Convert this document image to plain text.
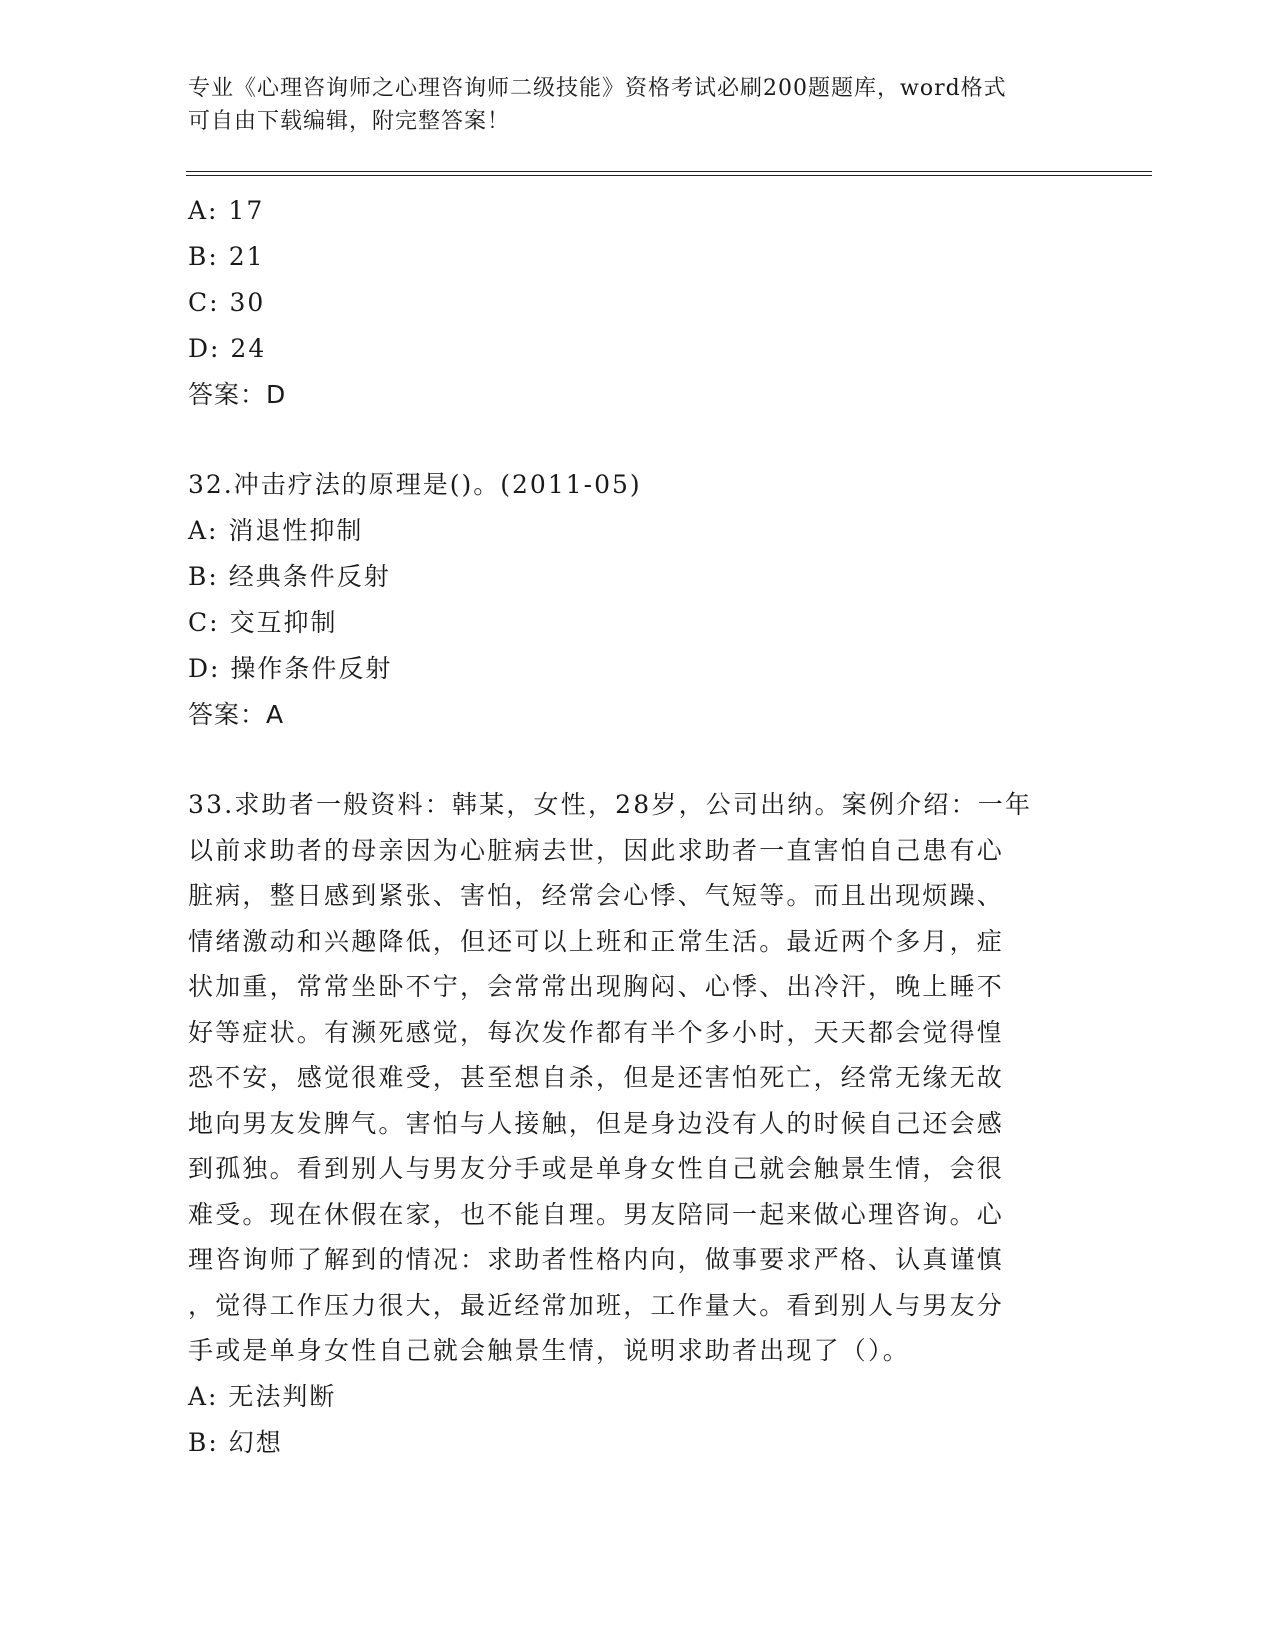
专业《心理咨询师之心理咨询师二级技能》资格考试必刷200题题库，word格式
可自由下载编辑，附完整答案！
A: 17
B: 21
C: 30
D: 24
答案：D
32.冲击疗法的原理是()。(2011-05)
A: 消退性抑制
B: 经典条件反射
C: 交互抑制
D: 操作条件反射
答案：A
33.求助者一般资料：韩某，女性，28岁，公司出纳。案例介绍：一年
以前求助者的母亲因为心脏病去世，因此求助者一直害怕自己患有心
脏病，整日感到紧张、害怕，经常会心悸、气短等。而且出现烦躁、
情绪激动和兴趣降低，但还可以上班和正常生活。最近两个多月，症
状加重，常常坐卧不宁，会常常出现胸闷、心悸、出冷汗，晚上睡不
好等症状。有濒死感觉，每次发作都有半个多小时，天天都会觉得惶
恐不安，感觉很难受，甚至想自杀，但是还害怕死亡，经常无缘无故
地向男友发脾气。害怕与人接触，但是身边没有人的时候自己还会感
到孤独。看到别人与男友分手或是单身女性自己就会触景生情，会很
难受。现在休假在家，也不能自理。男友陪同一起来做心理咨询。心
理咨询师了解到的情况：求助者性格内向，做事要求严格、认真谨慎
，觉得工作压力很大，最近经常加班，工作量大。看到别人与男友分
手或是单身女性自己就会触景生情，说明求助者出现了（）。
A: 无法判断
B: 幻想
